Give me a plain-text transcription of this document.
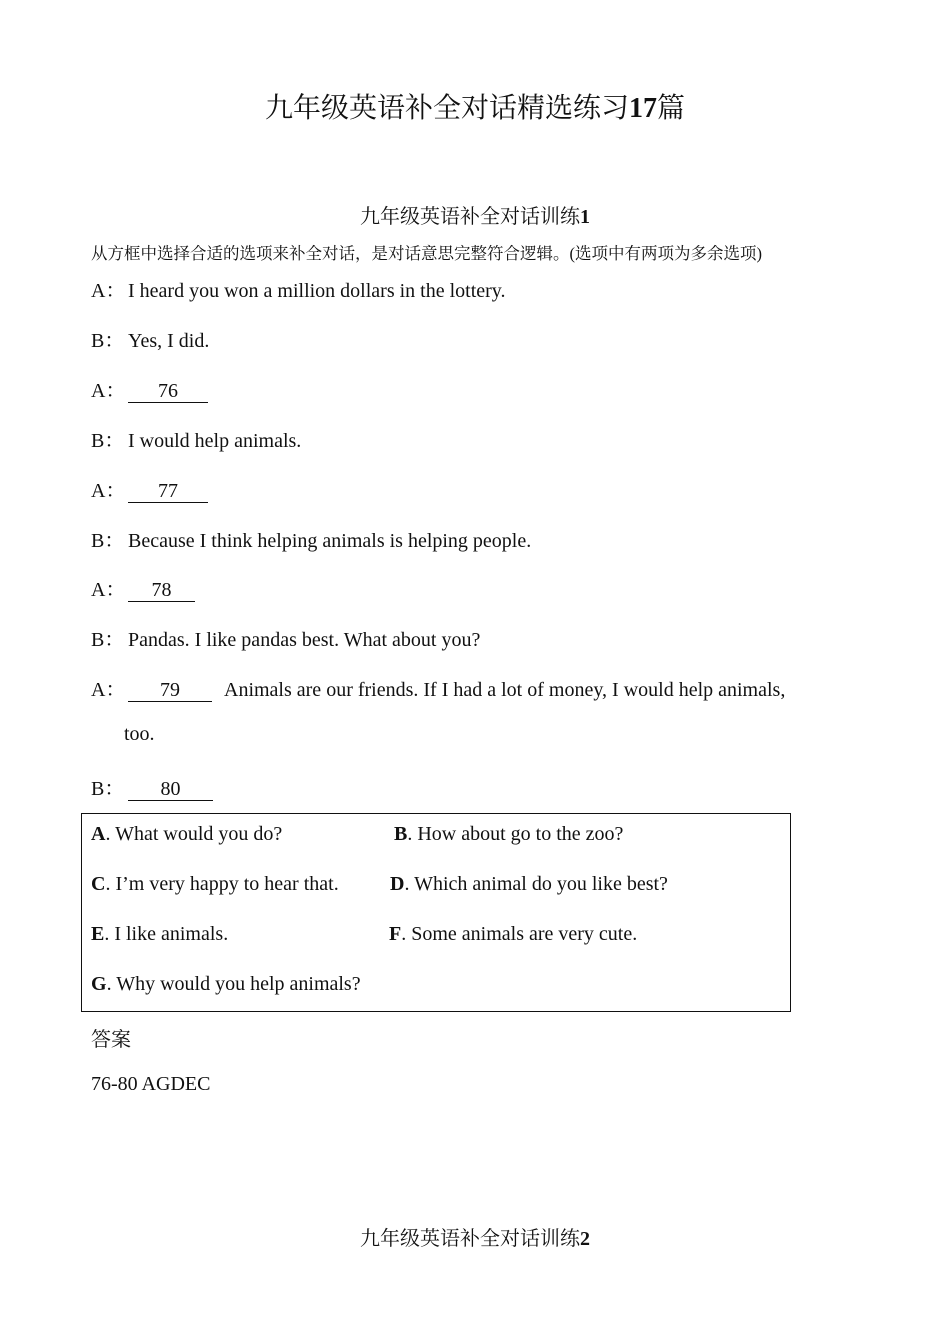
九年级英语补全对话精选练习17篇
九年级英语补全对话训练1
从方框中选择合适的选项来补全对话，是对话意思完整符合逻辑。(选项中有两项为多余选项)
A： I heard you won a million dollars in the lottery.
B： Yes, I did.
A： 76
B： I would help animals.
A： 77
B： Because I think helping animals is helping people.
A： 78
B： Pandas. I like pandas best. What about you?
A： 79 Animals are our friends. If I had a lot of money, I would help animals,
too.
B： 80
A. What would you do?	B. How about go to the zoo?
C. I’m very happy to hear that.	D. Which animal do you like best?
E. I like animals.	F. Some animals are very cute.
G. Why would you help animals?
答案
76-80 AGDEC
九年级英语补全对话训练2
